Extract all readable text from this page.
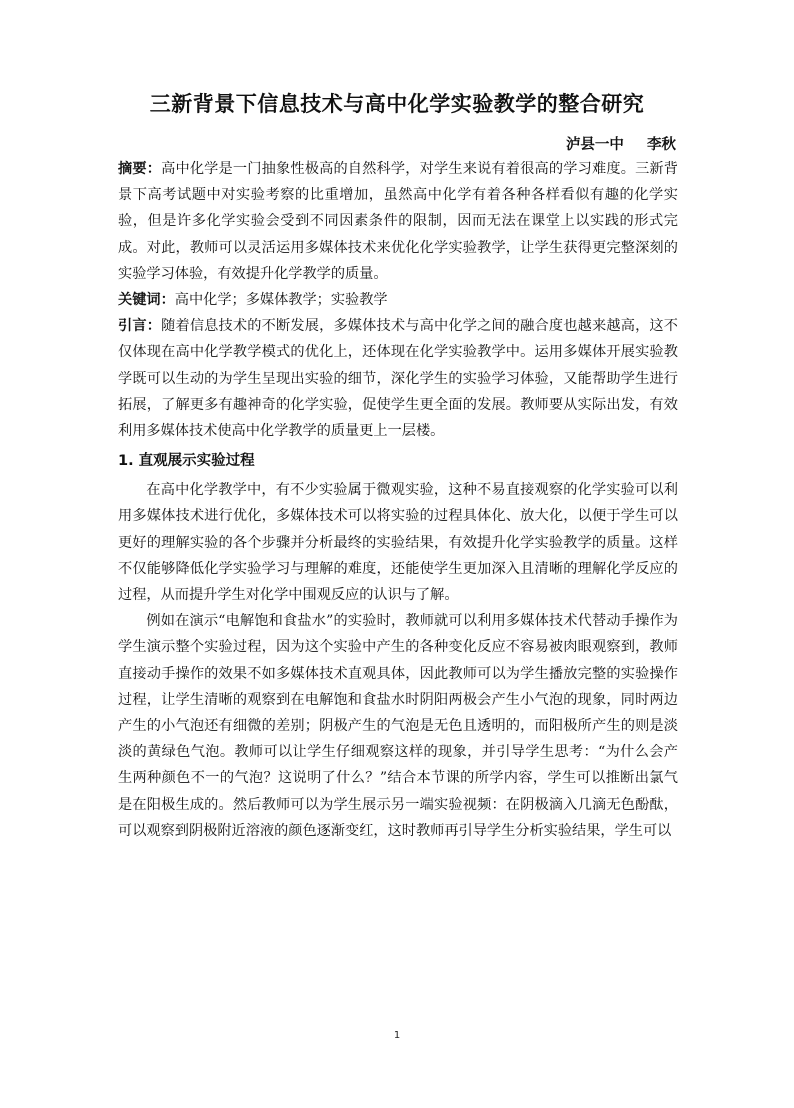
三新背景下信息技术与高中化学实验教学的整合研究
泸县一中 李秋

摘要：高中化学是一门抽象性极高的自然科学，对学生来说有着很高的学习难度。三新背景下高考试题中对实验考察的比重增加，虽然高中化学有着各种各样看似有趣的化学实验，但是许多化学实验会受到不同因素条件的限制，因而无法在课堂上以实践的形式完成。对此，教师可以灵活运用多媒体技术来优化化学实验教学，让学生获得更完整深刻的实验学习体验，有效提升化学教学的质量。

关键词：高中化学；多媒体教学；实验教学

引言：随着信息技术的不断发展，多媒体技术与高中化学之间的融合度也越来越高，这不仅体现在高中化学教学模式的优化上，还体现在化学实验教学中。运用多媒体开展实验教学既可以生动的为学生呈现出实验的细节，深化学生的实验学习体验，又能帮助学生进行拓展，了解更多有趣神奇的化学实验，促使学生更全面的发展。教师要从实际出发，有效利用多媒体技术使高中化学教学的质量更上一层楼。

1. 直观展示实验过程

在高中化学教学中，有不少实验属于微观实验，这种不易直接观察的化学实验可以利用多媒体技术进行优化，多媒体技术可以将实验的过程具体化、放大化，以便于学生可以更好的理解实验的各个步骤并分析最终的实验结果，有效提升化学实验教学的质量。这样不仅能够降低化学实验学习与理解的难度，还能使学生更加深入且清晰的理解化学反应的过程，从而提升学生对化学中围观反应的认识与了解。

例如在演示“电解饱和食盐水”的实验时，教师就可以利用多媒体技术代替动手操作为学生演示整个实验过程，因为这个实验中产生的各种变化反应不容易被肉眼观察到，教师直接动手操作的效果不如多媒体技术直观具体，因此教师可以为学生播放完整的实验操作过程，让学生清晰的观察到在电解饱和食盐水时阴阳两极会产生小气泡的现象，同时两边产生的小气泡还有细微的差别；阴极产生的气泡是无色且透明的，而阳极所产生的则是淡淡的黄绿色气泡。教师可以让学生仔细观察这样的现象，并引导学生思考：“为什么会产生两种颜色不一的气泡？这说明了什么？”结合本节课的所学内容，学生可以推断出氯气是在阳极生成的。然后教师可以为学生展示另一端实验视频：在阴极滴入几滴无色酚酞，可以观察到阴极附近溶液的颜色逐渐变红，这时教师再引导学生分析实验结果，学生可以

1
